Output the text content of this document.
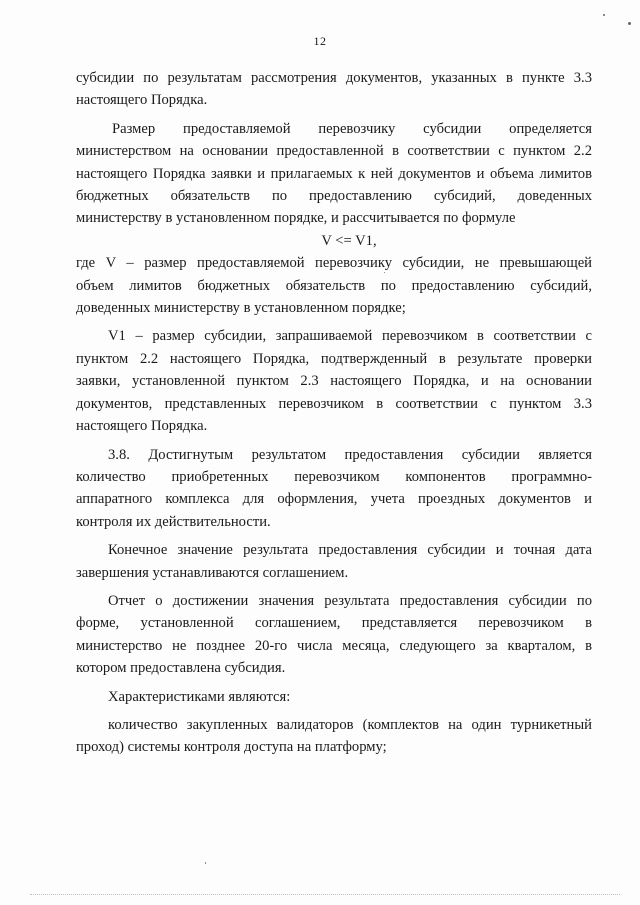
12

субсидии по результатам рассмотрения документов, указанных в пункте 3.3
настоящего Порядка.

Размер предоставляемой перевозчику субсидии определяется
министерством на основании предоставленной в соответствии с пунктом 2.2
настоящего Порядка заявки и прилагаемых к ней документов и объема лимитов
бюджетных обязательств по предоставлению субсидий, доведенных
министерству в установленном порядке, и рассчитывается по формуле

V <= V1,

где V – размер предоставляемой перевозчику субсидии, не превышающей
объем лимитов бюджетных обязательств по предоставлению субсидий,
доведенных министерству в установленном порядке;

V1 – размер субсидии, запрашиваемой перевозчиком в соответствии с
пунктом 2.2 настоящего Порядка, подтвержденный в результате проверки
заявки, установленной пунктом 2.3 настоящего Порядка, и на основании
документов, представленных перевозчиком в соответствии с пунктом 3.3
настоящего Порядка.

3.8. Достигнутым результатом предоставления субсидии является
количество приобретенных перевозчиком компонентов программно-
аппаратного комплекса для оформления, учета проездных документов и
контроля их действительности.

Конечное значение результата предоставления субсидии и точная дата
завершения устанавливаются соглашением.

Отчет о достижении значения результата предоставления субсидии по
форме, установленной соглашением, представляется перевозчиком в
министерство не позднее 20-го числа месяца, следующего за кварталом, в
котором предоставлена субсидия.

Характеристиками являются:

количество закупленных валидаторов (комплектов на один турникетный
проход) системы контроля доступа на платформу;
